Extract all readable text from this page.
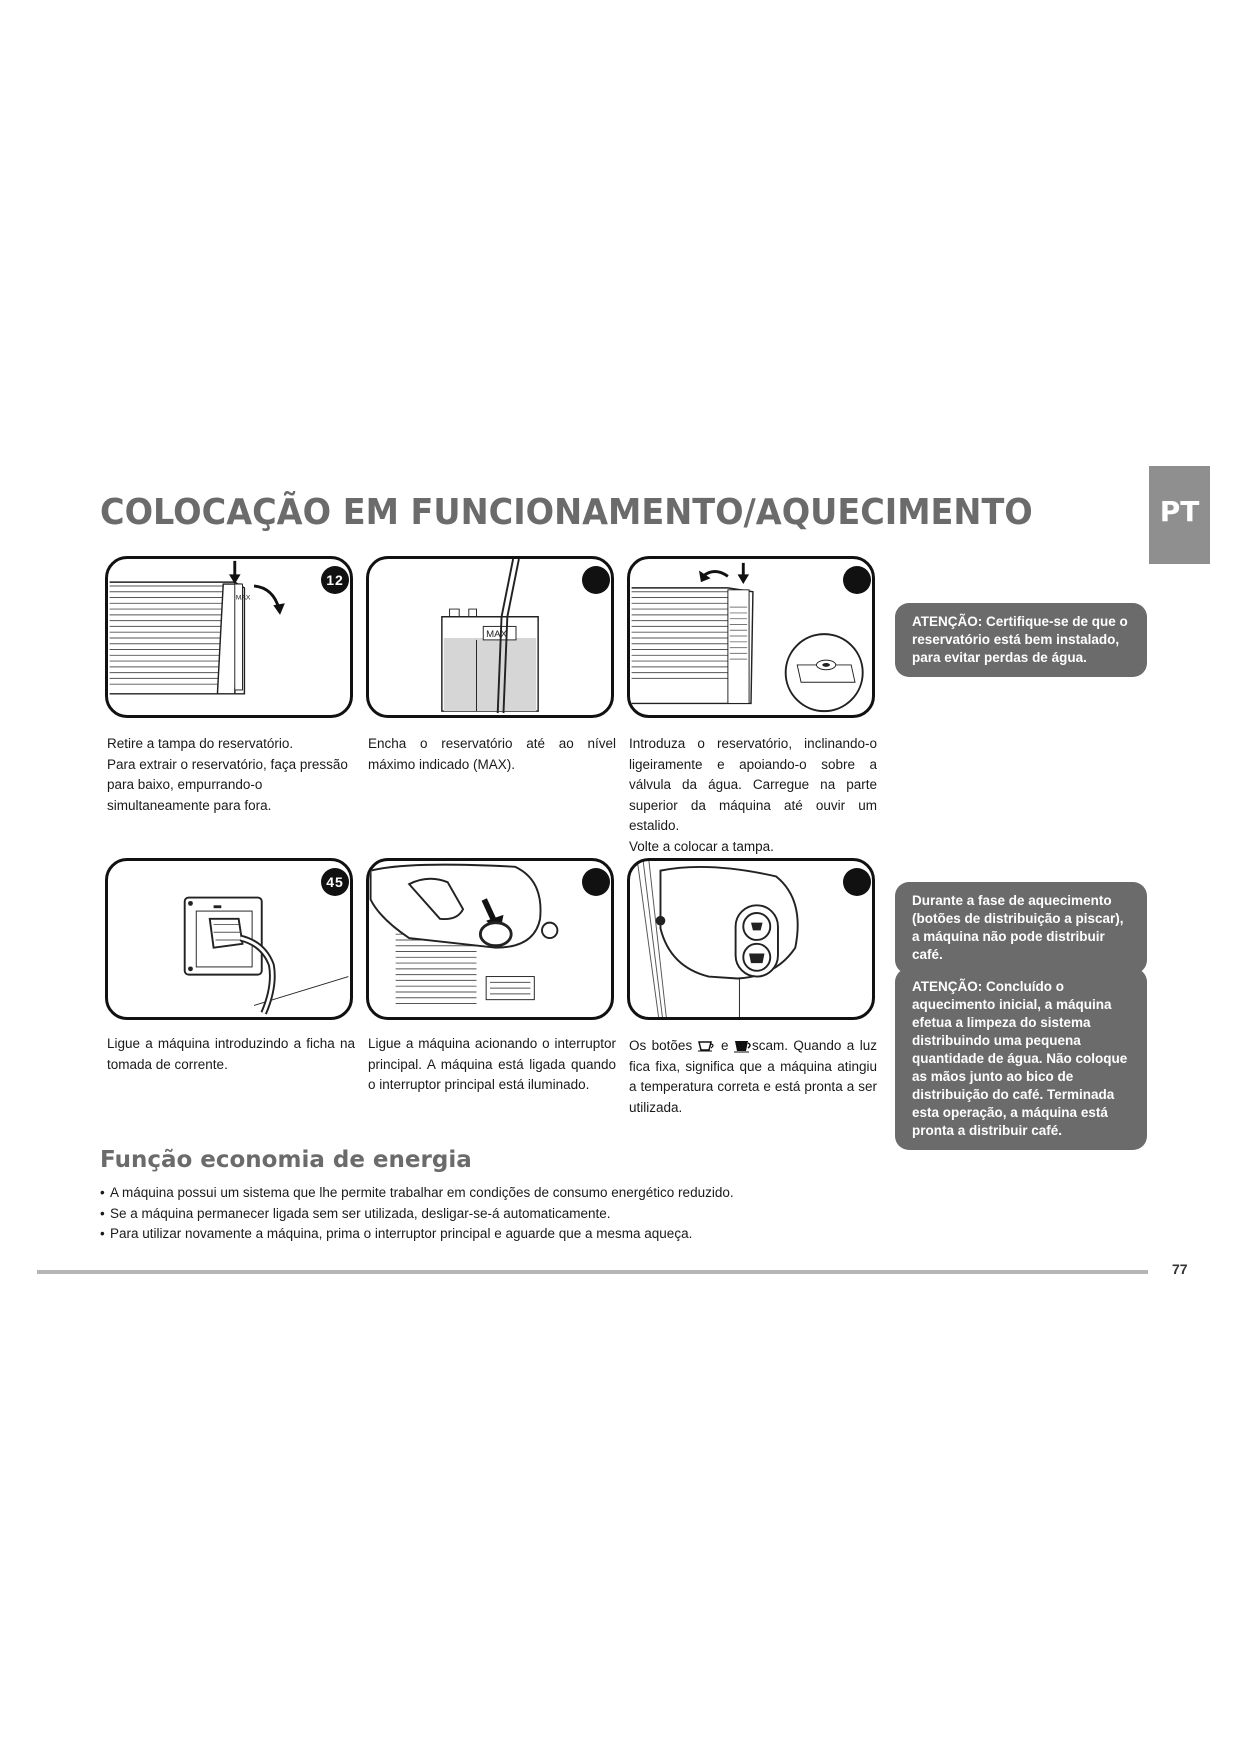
COLOCAÇÃO EM FUNCIONAMENTO/AQUECIMENTO	PT
MAX
12
MAX

Retire a tampa do reservatório.

Para extrair o reservatório, faça pressão para baixo, empurrando-o simultaneamente para fora.

Encha o reservatório até ao nível máximo indicado (MAX).

Introduza o reservatório, inclinando-o ligeiramente e apoiando-o sobre a válvula da água. Carregue na parte superior da máquina até ouvir um estalido.

Volte a colocar a tampa.

ATENÇÃO: Certifique-se de que o reservatório está bem instalado, para evitar perdas de água.
45

Ligue a máquina introduzindo a ficha na tomada de corrente.

Ligue a máquina acionando o interruptor principal. A máquina está ligada quando o interruptor principal está iluminado.

Os botões  e scam. Quando a luz fica fixa, significa que a máquina atingiu a temperatura correta e está pronta a ser utilizada.

Durante a fase de aquecimento (botões de distribuição a piscar), a máquina não pode distribuir café.
ATENÇÃO: Concluído o aquecimento inicial, a máquina efetua a limpeza do sistema distribuindo uma pequena quantidade de água. Não coloque as mãos junto ao bico de distribuição do café. Terminada esta operação, a máquina está pronta a distribuir café.
Função economia de energia
• A máquina possui um sistema que lhe permite trabalhar em condições de consumo energético reduzido.
• Se a máquina permanecer ligada sem ser utilizada, desligar-se-á automaticamente.
• Para utilizar novamente a máquina, prima o interruptor principal e aguarde que a mesma aqueça.
77
